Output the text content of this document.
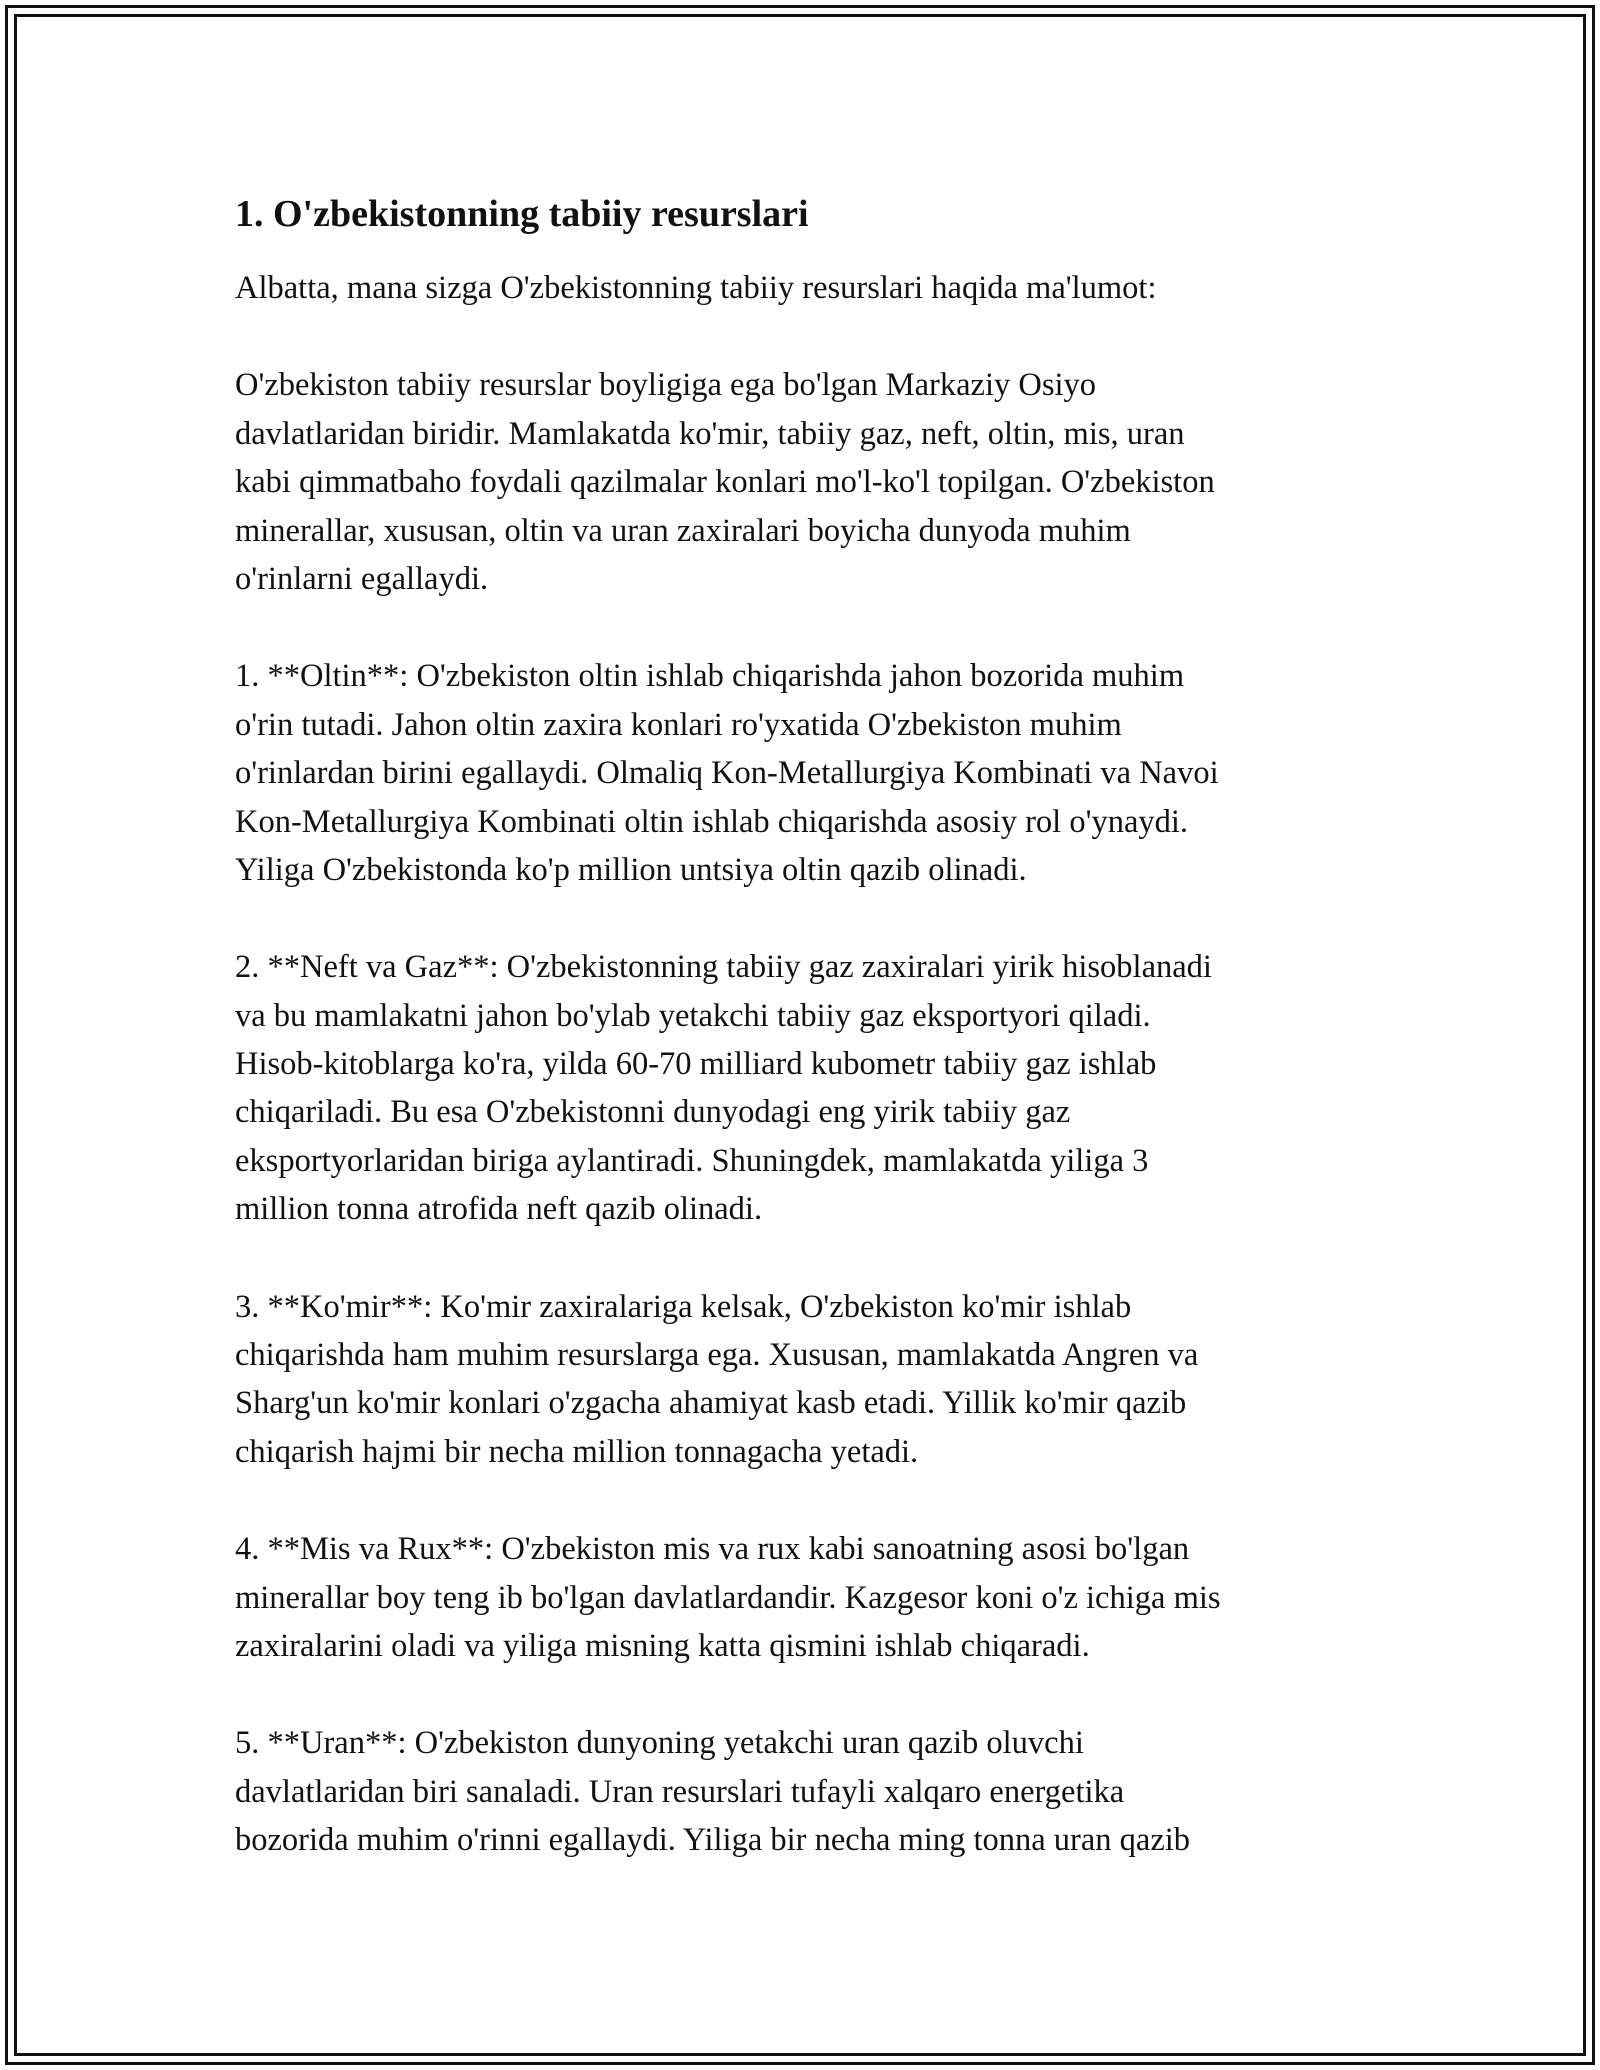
1. O'zbekistonning tabiiy resurslari

Albatta, mana sizga O'zbekistonning tabiiy resurslari haqida ma'lumot:

O'zbekiston tabiiy resurslar boyligiga ega bo'lgan Markaziy Osiyo
davlatlaridan biridir. Mamlakatda ko'mir, tabiiy gaz, neft, oltin, mis, uran
kabi qimmatbaho foydali qazilmalar konlari mo'l-ko'l topilgan. O'zbekiston
minerallar, xususan, oltin va uran zaxiralari boyicha dunyoda muhim
o'rinlarni egallaydi.

1. **Oltin**: O'zbekiston oltin ishlab chiqarishda jahon bozorida muhim
o'rin tutadi. Jahon oltin zaxira konlari ro'yxatida O'zbekiston muhim
o'rinlardan birini egallaydi. Olmaliq Kon-Metallurgiya Kombinati va Navoi
Kon-Metallurgiya Kombinati oltin ishlab chiqarishda asosiy rol o'ynaydi.
Yiliga O'zbekistonda ko'p million untsiya oltin qazib olinadi.

2. **Neft va Gaz**: O'zbekistonning tabiiy gaz zaxiralari yirik hisoblanadi
va bu mamlakatni jahon bo'ylab yetakchi tabiiy gaz eksportyori qiladi.
Hisob-kitoblarga ko'ra, yilda 60-70 milliard kubometr tabiiy gaz ishlab
chiqariladi. Bu esa O'zbekistonni dunyodagi eng yirik tabiiy gaz
eksportyorlaridan biriga aylantiradi. Shuningdek, mamlakatda yiliga 3
million tonna atrofida neft qazib olinadi.

3. **Ko'mir**: Ko'mir zaxiralariga kelsak, O'zbekiston ko'mir ishlab
chiqarishda ham muhim resurslarga ega. Xususan, mamlakatda Angren va
Sharg'un ko'mir konlari o'zgacha ahamiyat kasb etadi. Yillik ko'mir qazib
chiqarish hajmi bir necha million tonnagacha yetadi.

4. **Mis va Rux**: O'zbekiston mis va rux kabi sanoatning asosi bo'lgan
minerallar boy teng ib bo'lgan davlatlardandir. Kazgesor koni o'z ichiga mis
zaxiralarini oladi va yiliga misning katta qismini ishlab chiqaradi.

5. **Uran**: O'zbekiston dunyoning yetakchi uran qazib oluvchi
davlatlaridan biri sanaladi. Uran resurslari tufayli xalqaro energetika
bozorida muhim o'rinni egallaydi. Yiliga bir necha ming tonna uran qazib
